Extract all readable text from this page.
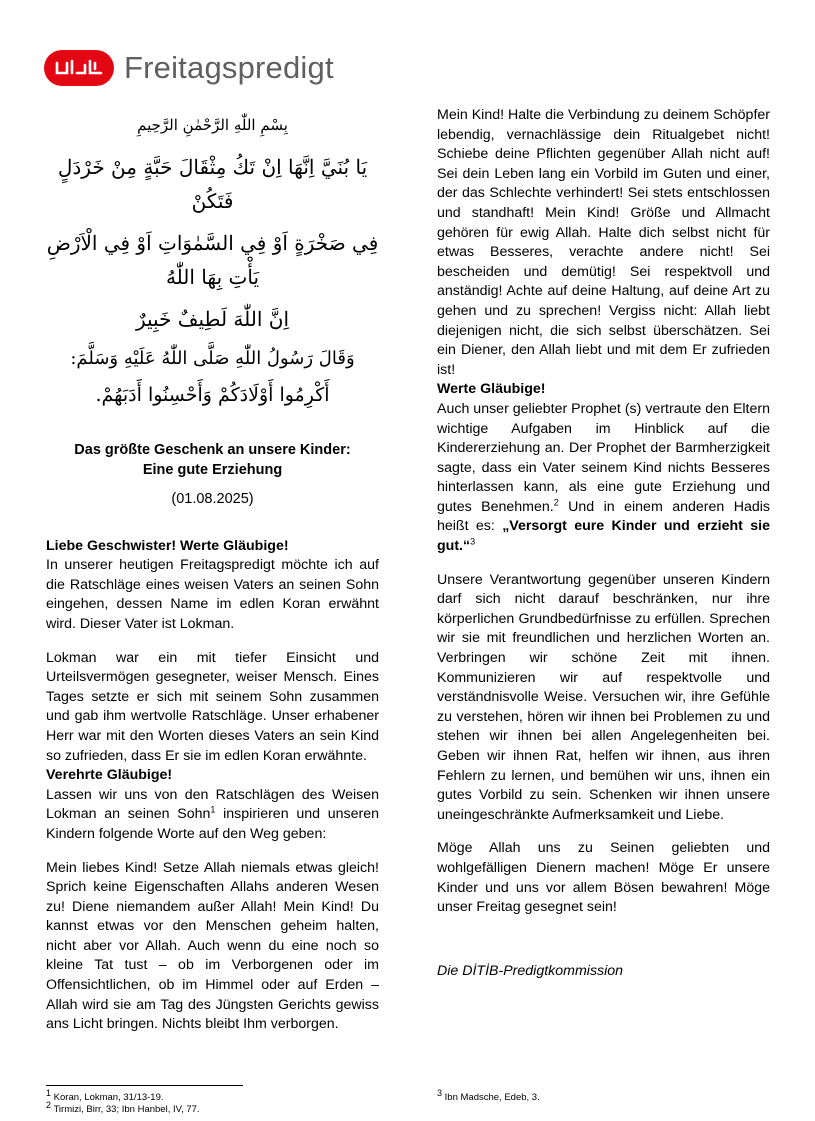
Freitagspredigt
بِسْمِ اللّٰهِ الرَّحْمٰنِ الرَّحِيمِ
يَا بُنَيَّ اِنَّهَا اِنْ تَكُ مِثْقَالَ حَبَّةٍ مِنْ خَرْدَلٍ فَتَكُنْ
فِي صَخْرَةٍ اَوْ فِي السَّمٰوَاتِ اَوْ فِي الْاَرْضِ يَأْتِ بِهَا اللّٰهُ
اِنَّ اللّٰهَ لَطِيفٌ خَبِيرٌ
وَقَالَ رَسُولُ اللّٰهِ صَلَّى اللّٰهُ عَلَيْهِ وَسَلَّمَ:
أَكْرِمُوا أَوْلَادَكُمْ وَأَحْسِنُوا أَدَبَهُمْ.
Das größte Geschenk an unsere Kinder:
Eine gute Erziehung
(01.08.2025)

Liebe Geschwister! Werte Gläubige!

In unserer heutigen Freitagspredigt möchte ich auf die Ratschläge eines weisen Vaters an seinen Sohn eingehen, dessen Name im edlen Koran erwähnt wird. Dieser Vater ist Lokman.

Lokman war ein mit tiefer Einsicht und Urteilsvermögen gesegneter, weiser Mensch. Eines Tages setzte er sich mit seinem Sohn zusammen und gab ihm wertvolle Ratschläge. Unser erhabener Herr war mit den Worten dieses Vaters an sein Kind so zufrieden, dass Er sie im edlen Koran erwähnte.

Verehrte Gläubige!

Lassen wir uns von den Ratschlägen des Weisen Lokman an seinen Sohn$^1$ inspirieren und unseren Kindern folgende Worte auf den Weg geben:

Mein liebes Kind! Setze Allah niemals etwas gleich! Sprich keine Eigenschaften Allahs anderen Wesen zu! Diene niemandem außer Allah! Mein Kind! Du kannst etwas vor den Menschen geheim halten, nicht aber vor Allah. Auch wenn du eine noch so kleine Tat tust – ob im Verborgenen oder im Offensichtlichen, ob im Himmel oder auf Erden – Allah wird sie am Tag des Jüngsten Gerichts gewiss ans Licht bringen. Nichts bleibt Ihm verborgen.

Mein Kind! Halte die Verbindung zu deinem Schöpfer lebendig, vernachlässige dein Ritualgebet nicht! Schiebe deine Pflichten gegenüber Allah nicht auf! Sei dein Leben lang ein Vorbild im Guten und einer, der das Schlechte verhindert! Sei stets entschlossen und standhaft! Mein Kind! Größe und Allmacht gehören für ewig Allah. Halte dich selbst nicht für etwas Besseres, verachte andere nicht! Sei bescheiden und demütig! Sei respektvoll und anständig! Achte auf deine Haltung, auf deine Art zu gehen und zu sprechen! Vergiss nicht: Allah liebt diejenigen nicht, die sich selbst überschätzen. Sei ein Diener, den Allah liebt und mit dem Er zufrieden ist!

Werte Gläubige!

Auch unser geliebter Prophet (s) vertraute den Eltern wichtige Aufgaben im Hinblick auf die Kindererziehung an. Der Prophet der Barmherzigkeit sagte, dass ein Vater seinem Kind nichts Besseres hinterlassen kann, als eine gute Erziehung und gutes Benehmen.$^2$ Und in einem anderen Hadis heißt es: „Versorgt eure Kinder und erzieht sie gut.“$^3$

Unsere Verantwortung gegenüber unseren Kindern darf sich nicht darauf beschränken, nur ihre körperlichen Grundbedürfnisse zu erfüllen. Sprechen wir sie mit freundlichen und herzlichen Worten an. Verbringen wir schöne Zeit mit ihnen. Kommunizieren wir auf respektvolle und verständnisvolle Weise. Versuchen wir, ihre Gefühle zu verstehen, hören wir ihnen bei Problemen zu und stehen wir ihnen bei allen Angelegenheiten bei. Geben wir ihnen Rat, helfen wir ihnen, aus ihren Fehlern zu lernen, und bemühen wir uns, ihnen ein gutes Vorbild zu sein. Schenken wir ihnen unsere uneingeschränkte Aufmerksamkeit und Liebe.

Möge Allah uns zu Seinen geliebten und wohlgefälligen Dienern machen! Möge Er unsere Kinder und uns vor allem Bösen bewahren! Möge unser Freitag gesegnet sein!

Die DİTİB-Predigtkommission

$^1$ Koran, Lokman, 31/13-19.
$^2$ Tirmizi, Birr, 33; Ibn Hanbel, IV, 77.
$^3$ Ibn Madsche, Edeb, 3.
